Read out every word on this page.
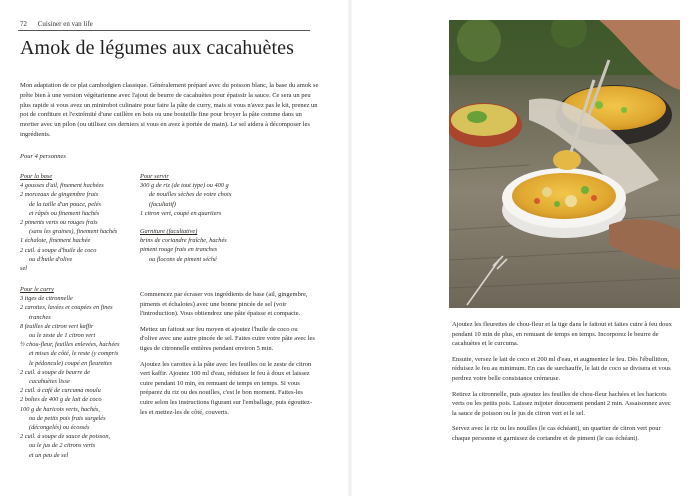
72 Cuisiner en van life
Amok de légumes aux cacahuètes

Mon adaptation de ce plat cambodgien classique. Généralement préparé avec du poisson blanc, la base du amok se prête bien à une version végétarienne avec l'ajout de beurre de cacahuètes pour épaissir la sauce. Ce sera un peu plus rapide si vous avez un minirobot culinaire pour faire la pâte de curry, mais si vous n'avez pas le kit, prenez un pot de confiture et l'extrémité d'une cuillère en bois ou une bouteille fine pour broyer la pâte comme dans un mortier avec un pilon (ou utilisez ces derniers si vous en avez à portée de main). Le sel aidera à décomposer les ingrédients.

Pour 4 personnes
Pour la base
4 gousses d'ail, finement hachées
2 morceaux de gingembre frais
de la taille d'un pouce, pelés
et râpés ou finement hachés
2 piments verts ou rouges frais
(sans les graines), finement hachés
1 échalote, finement hachée
2 cuil. à soupe d'huile de coco
ou d'huile d'olive
sel
Pour servir
300 g de riz (de tout type) ou 400 g
de nouilles sèches de votre choix
(facultatif)
1 citron vert, coupé en quartiers
Garniture (facultative)
brins de coriandre fraîche, hachés
piment rouge frais en tranches
ou flocons de piment séché
Pour le curry
3 tiges de citronnelle
2 carottes, lavées et coupées en fines
tranches
8 feuilles de citron vert kaffir
ou le zeste de 1 citron vert
½ chou-fleur, feuilles enlevées, hachées
et mises de côté, le reste (y compris
le pédoncule) coupé en fleurettes
2 cuil. à soupe de beurre de
cacahuètes lisse
2 cuil. à café de curcuma moulu
2 boîtes de 400 g de lait de coco
100 g de haricots verts, hachés,
ou de petits pois frais surgelés
(décongelés) ou écossés
2 cuil. à soupe de sauce de poisson,
ou le jus de 2 citrons verts
et un peu de sel

Commencez par écraser vos ingrédients de base (ail, gingembre, piments et échalotes) avec une bonne pincée de sel (voir l'introduction). Vous obtiendrez une pâte épaisse et compacte.

Mettez un faitout sur feu moyen et ajoutez l'huile de coco ou d'olive avec une autre pincée de sel. Faites cuire votre pâte avec les tiges de citronnelle entières pendant environ 5 min.

Ajoutez les carottes à la pâte avec les feuilles ou le zeste de citron vert kaffir. Ajoutez 100 ml d'eau, réduisez le feu à doux et laissez cuire pendant 10 min, en remuant de temps en temps. Si vous préparez du riz ou des nouilles, c'est le bon moment. Faites-les cuire selon les instructions figurant sur l'emballage, puis égouttez-les et mettez-les de côté, couverts.

Ajoutez les fleurettes de chou-fleur et la tige dans le faitout et faites cuire à feu doux pendant 10 min de plus, en remuant de temps en temps. Incorporez le beurre de cacahuètes et le curcuma.

Ensuite, versez le lait de coco et 200 ml d'eau, et augmentez le feu. Dès l'ébullition, réduisez le feu au minimum. En cas de surchauffe, le lait de coco se divisera et vous perdrez votre belle consistance crémeuse.

Retirez la citronnelle, puis ajoutez les feuilles de chou-fleur hachées et les haricots verts ou les petits pois. Laissez mijoter doucement pendant 2 min. Assaisonnez avec la sauce de poisson ou le jus de citron vert et le sel.

Servez avec le riz ou les nouilles (le cas échéant), un quartier de citron vert pour chaque personne et garnissez de coriandre et de piment (le cas échéant).
